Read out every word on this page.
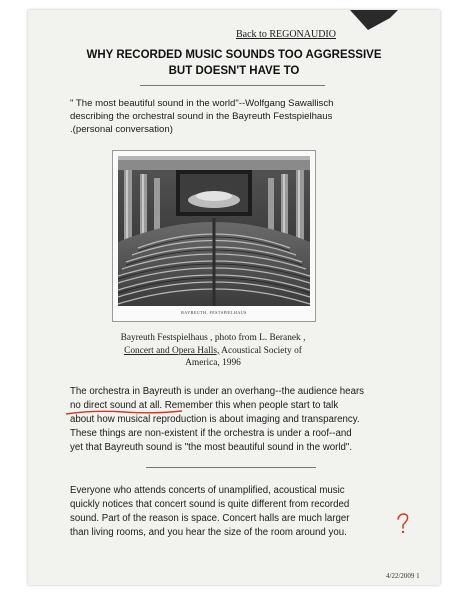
Back to REGONAUDIO
WHY RECORDED MUSIC SOUNDS TOO AGGRESSIVE
BUT DOESN'T HAVE TO
" The most beautiful sound in the world"--Wolfgang Sawallisch
describing the orchestral sound in the Bayreuth Festspielhaus
.(personal conversation)
BAYREUTH, FESTSPIELHAUS
Bayreuth Festspielhaus , photo from L. Beranek ,
Concert and Opera Halls, Acoustical Society of
America, 1996
The orchestra in Bayreuth is under an overhang--the audience hears
no direct sound at all. Remember this when people start to talk
about how musical reproduction is about imaging and transparency.
These things are non-existent if the orchestra is under a roof--and
yet that Bayreuth sound is "the most beautiful sound in the world".
Everyone who attends concerts of unamplified, acoustical music
quickly notices that concert sound is quite different from recorded
sound. Part of the reason is space. Concert halls are much larger
than living rooms, and you hear the size of the room around you.
4/22/2009 1
